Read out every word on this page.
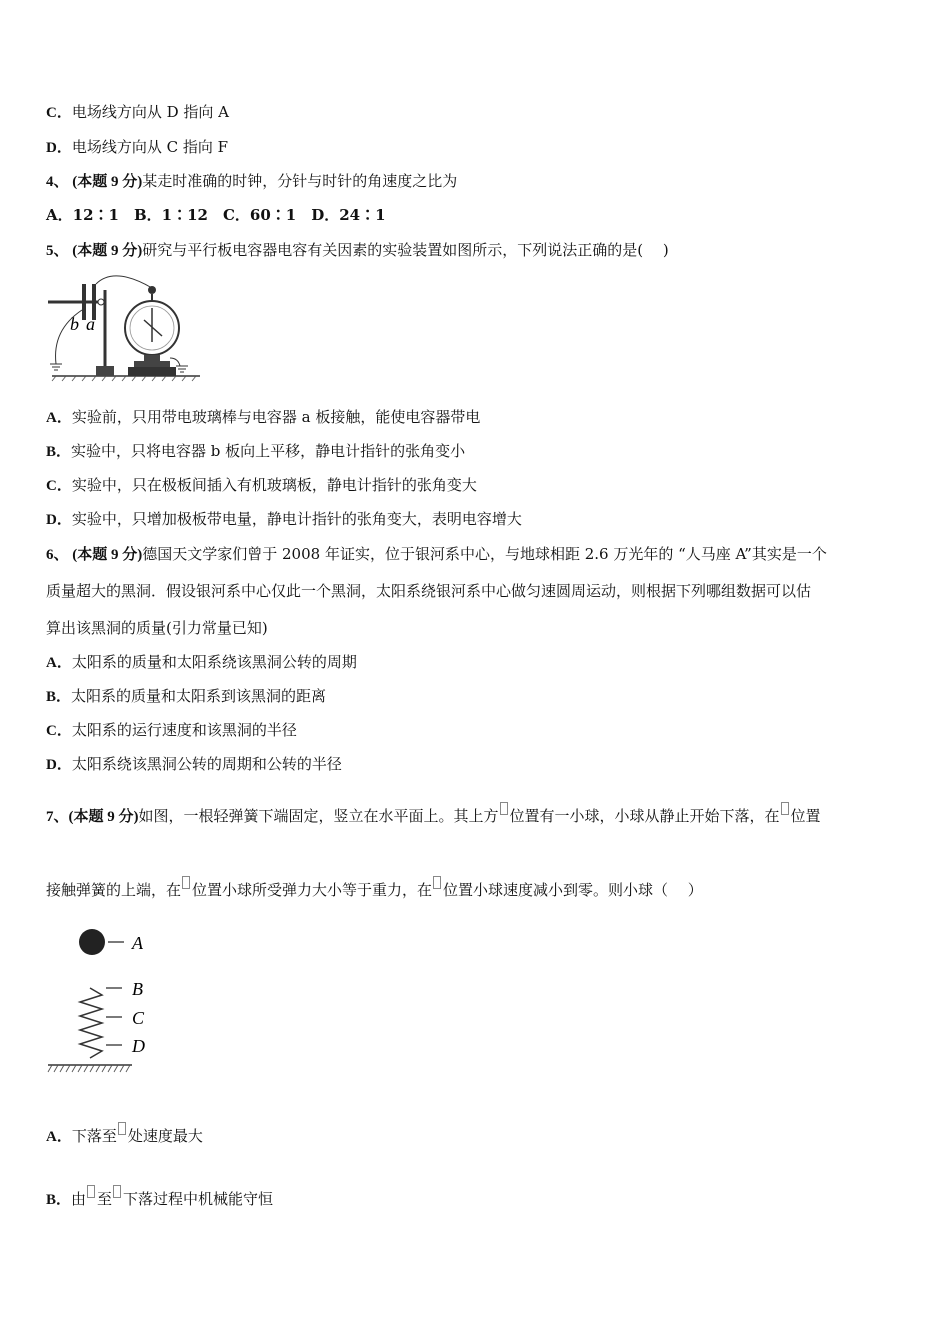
C．电场线方向从 D 指向 A
D．电场线方向从 C 指向 F
4、 (本题 9 分)某走时准确的时钟，分针与时针的角速度之比为
A．12∶1　B．1∶12　C．60∶1　D．24∶1
5、 (本题 9 分)研究与平行板电容器电容有关因素的实验装置如图所示，下列说法正确的是(　 )
b a
A．实验前，只用带电玻璃棒与电容器 a 板接触，能使电容器带电
B．实验中，只将电容器 b 板向上平移，静电计指针的张角变小
C．实验中，只在极板间插入有机玻璃板，静电计指针的张角变大
D．实验中，只增加极板带电量，静电计指针的张角变大，表明电容增大
6、 (本题 9 分)德国天文学家们曾于 2008 年证实，位于银河系中心，与地球相距 2.6 万光年的 “人马座 A”其实是一个
质量超大的黑洞．假设银河系中心仅此一个黑洞，太阳系绕银河系中心做匀速圆周运动，则根据下列哪组数据可以估
算出该黑洞的质量(引力常量已知)
A．太阳系的质量和太阳系绕该黑洞公转的周期
B．太阳系的质量和太阳系到该黑洞的距离
C．太阳系的运行速度和该黑洞的半径
D．太阳系绕该黑洞公转的周期和公转的半径
7、(本题 9 分)如图，一根轻弹簧下端固定，竖立在水平面上。其上方 位置有一小球，小球从静止开始下落，在 位置
接触弹簧的上端，在 位置小球所受弹力大小等于重力，在 位置小球速度减小到零。则小球（　 ）
A
B
C
D
A．下落至 处速度最大
B．由 至 下落过程中机械能守恒
